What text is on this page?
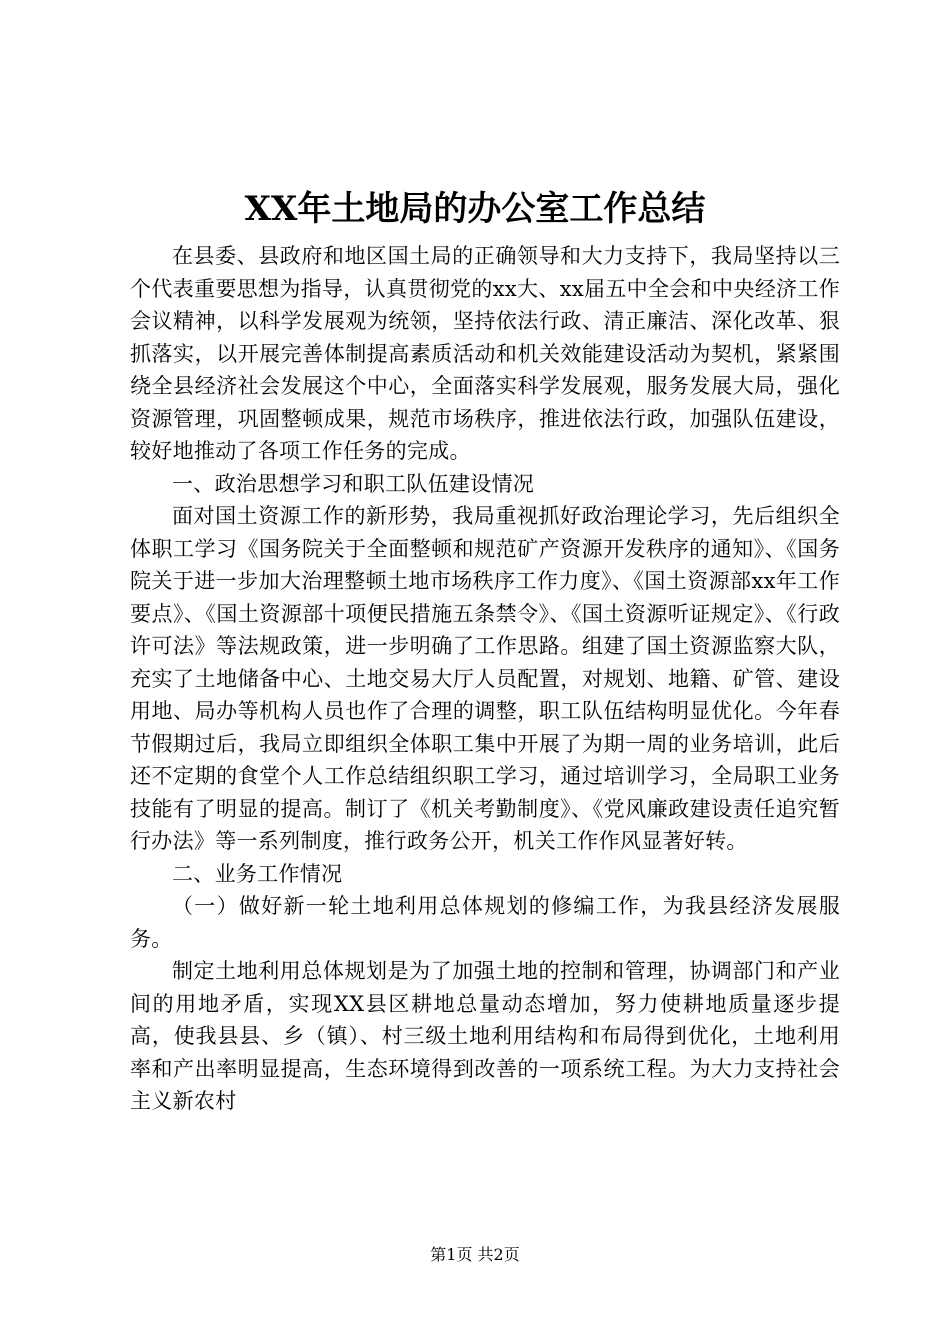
XX年土地局的办公室工作总结

在县委、县政府和地区国土局的正确领导和大力支持下，我局坚持以三个代表重要思想为指导，认真贯彻党的xx大、xx届五中全会和中央经济工作会议精神，以科学发展观为统领，坚持依法行政、清正廉洁、深化改革、狠抓落实，以开展完善体制提高素质活动和机关效能建设活动为契机，紧紧围绕全县经济社会发展这个中心，全面落实科学发展观，服务发展大局，强化资源管理，巩固整顿成果，规范市场秩序，推进依法行政，加强队伍建设，较好地推动了各项工作任务的完成。

一、政治思想学习和职工队伍建设情况

面对国土资源工作的新形势，我局重视抓好政治理论学习，先后组织全体职工学习《国务院关于全面整顿和规范矿产资源开发秩序的通知》、《国务院关于进一步加大治理整顿土地市场秩序工作力度》、《国土资源部xx年工作要点》、《国土资源部十项便民措施五条禁令》、《国土资源听证规定》、《行政许可法》等法规政策，进一步明确了工作思路。组建了国土资源监察大队，充实了土地储备中心、土地交易大厅人员配置，对规划、地籍、矿管、建设用地、局办等机构人员也作了合理的调整，职工队伍结构明显优化。今年春节假期过后，我局立即组织全体职工集中开展了为期一周的业务培训，此后还不定期的食堂个人工作总结组织职工学习，通过培训学习，全局职工业务技能有了明显的提高。制订了《机关考勤制度》、《党风廉政建设责任追究暂行办法》等一系列制度，推行政务公开，机关工作作风显著好转。

二、业务工作情况

（一）做好新一轮土地利用总体规划的修编工作，为我县经济发展服务。

制定土地利用总体规划是为了加强土地的控制和管理，协调部门和产业间的用地矛盾，实现XX县区耕地总量动态增加，努力使耕地质量逐步提高，使我县县、乡（镇）、村三级土地利用结构和布局得到优化，土地利用率和产出率明显提高，生态环境得到改善的一项系统工程。为大力支持社会主义新农村

第1页 共2页
